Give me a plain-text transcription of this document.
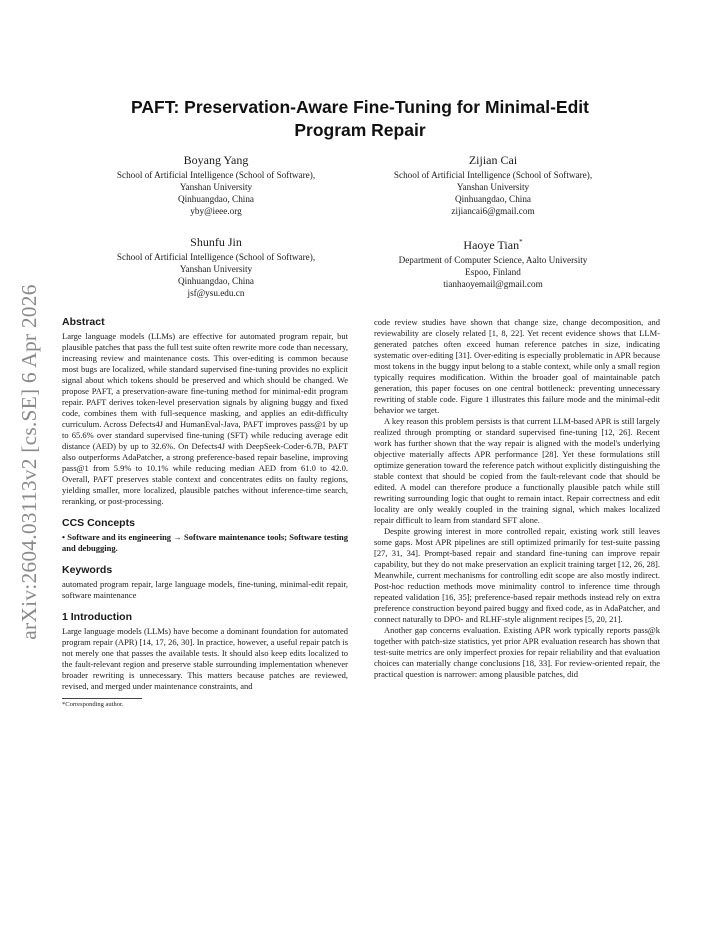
arXiv:2604.03113v2 [cs.SE] 6 Apr 2026
PAFT: Preservation-Aware Fine-Tuning for Minimal-Edit
Program Repair
Boyang Yang
School of Artificial Intelligence (School of Software),
Yanshan University
Qinhuangdao, China
yby@ieee.org
Zijian Cai
School of Artificial Intelligence (School of Software),
Yanshan University
Qinhuangdao, China
zijiancai6@gmail.com
Shunfu Jin
School of Artificial Intelligence (School of Software),
Yanshan University
Qinhuangdao, China
jsf@ysu.edu.cn
Haoye Tian*
Department of Computer Science, Aalto University
Espoo, Finland
tianhaoyemail@gmail.com
Abstract

Large language models (LLMs) are effective for automated program repair, but plausible patches that pass the full test suite often rewrite more code than necessary, increasing review and maintenance costs. This over-editing is common because most bugs are localized, while standard supervised fine-tuning provides no explicit signal about which tokens should be preserved and which should be changed. We propose PAFT, a preservation-aware fine-tuning method for minimal-edit program repair. PAFT derives token-level preservation signals by aligning buggy and fixed code, combines them with full-sequence masking, and applies an edit-difficulty curriculum. Across Defects4J and HumanEval-Java, PAFT improves pass@1 by up to 65.6% over standard supervised fine-tuning (SFT) while reducing average edit distance (AED) by up to 32.6%. On Defects4J with DeepSeek-Coder-6.7B, PAFT also outperforms AdaPatcher, a strong preference-based repair baseline, improving pass@1 from 5.9% to 10.1% while reducing median AED from 61.0 to 42.0. Overall, PAFT preserves stable context and concentrates edits on faulty regions, yielding smaller, more localized, plausible patches without inference-time search, reranking, or post-processing.

CCS Concepts

• Software and its engineering → Software maintenance tools; Software testing and debugging.

Keywords

automated program repair, large language models, fine-tuning, minimal-edit repair, software maintenance

1 Introduction

Large language models (LLMs) have become a dominant foundation for automated program repair (APR) [14, 17, 26, 30]. In practice, however, a useful repair patch is not merely one that passes the available tests. It should also keep edits localized to the fault-relevant region and preserve stable surrounding implementation whenever broader rewriting is unnecessary. This matters because patches are reviewed, revised, and merged under maintenance constraints, and

*Corresponding author.

code review studies have shown that change size, change decomposition, and reviewability are closely related [1, 8, 22]. Yet recent evidence shows that LLM-generated patches often exceed human reference patches in size, indicating systematic over-editing [31]. Over-editing is especially problematic in APR because most tokens in the buggy input belong to a stable context, while only a small region typically requires modification. Within the broader goal of maintainable patch generation, this paper focuses on one central bottleneck: preventing unnecessary rewriting of stable code. Figure 1 illustrates this failure mode and the minimal-edit behavior we target.

A key reason this problem persists is that current LLM-based APR is still largely realized through prompting or standard supervised fine-tuning [12, 26]. Recent work has further shown that the way repair is aligned with the model's underlying objective materially affects APR performance [28]. Yet these formulations still optimize generation toward the reference patch without explicitly distinguishing the stable context that should be copied from the fault-relevant code that should be edited. A model can therefore produce a functionally plausible patch while still rewriting surrounding logic that ought to remain intact. Repair correctness and edit locality are only weakly coupled in the training signal, which makes localized repair difficult to learn from standard SFT alone.

Despite growing interest in more controlled repair, existing work still leaves some gaps. Most APR pipelines are still optimized primarily for test-suite passing [27, 31, 34]. Prompt-based repair and standard fine-tuning can improve repair capability, but they do not make preservation an explicit training target [12, 26, 28]. Meanwhile, current mechanisms for controlling edit scope are also mostly indirect. Post-hoc reduction methods move minimality control to inference time through repeated validation [16, 35]; preference-based repair methods instead rely on extra preference construction beyond paired buggy and fixed code, as in AdaPatcher, and connect naturally to DPO- and RLHF-style alignment recipes [5, 20, 21].

Another gap concerns evaluation. Existing APR work typically reports pass@k together with patch-size statistics, yet prior APR evaluation research has shown that test-suite metrics are only imperfect proxies for repair reliability and that evaluation choices can materially change conclusions [18, 33]. For review-oriented repair, the practical question is narrower: among plausible patches, did
